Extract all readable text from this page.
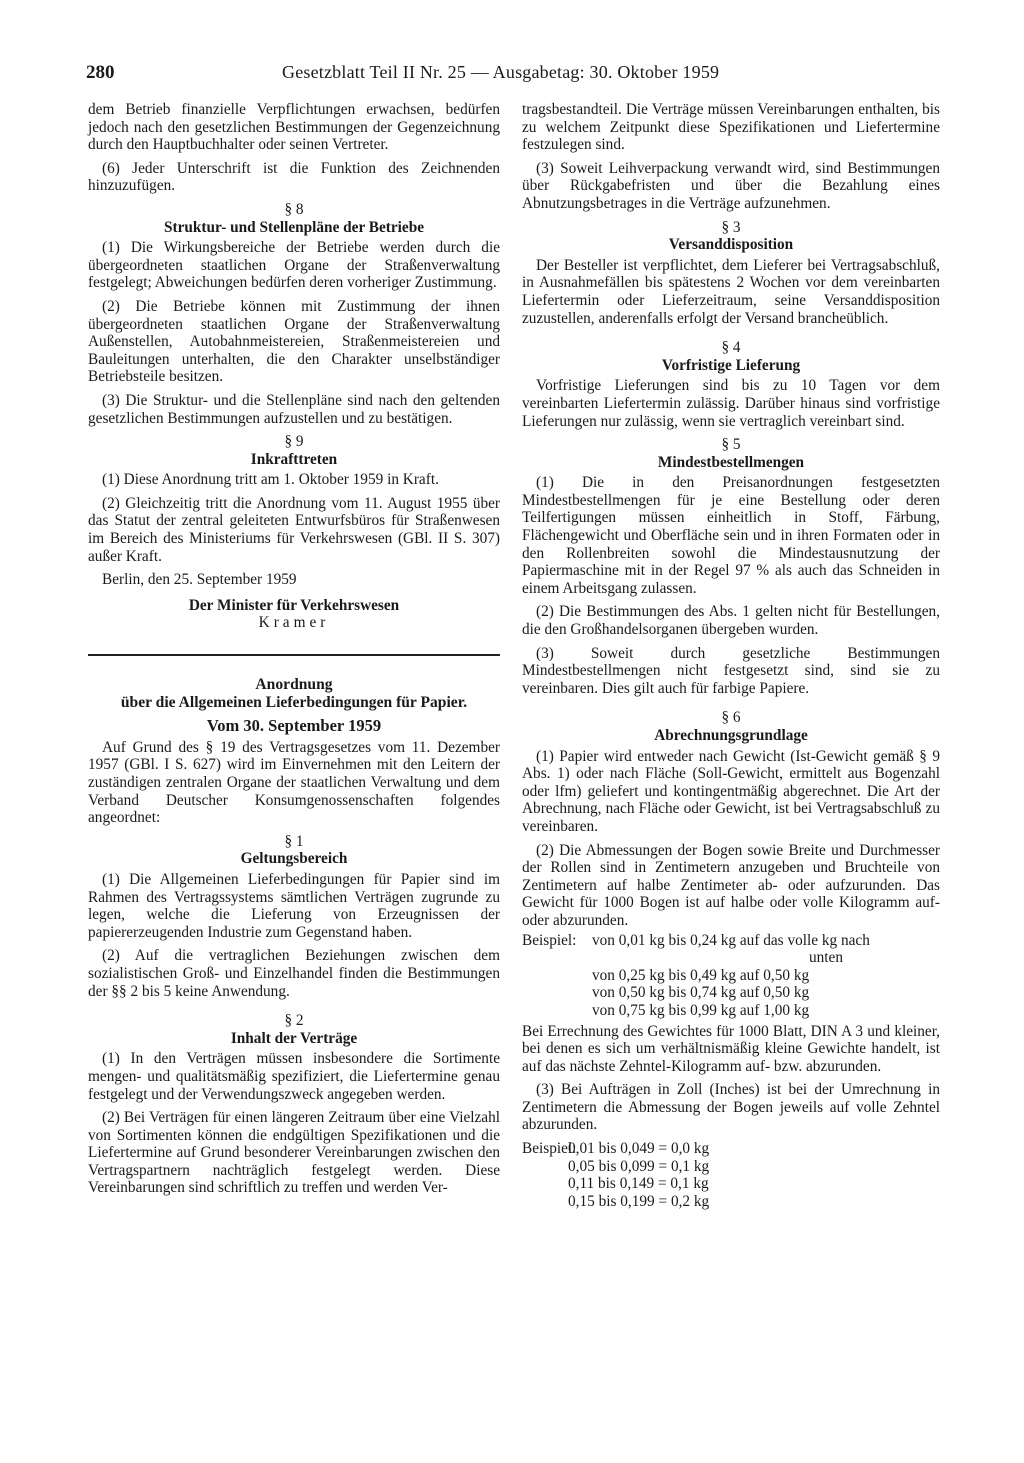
280	Gesetzblatt Teil II Nr. 25 — Ausgabetag: 30. Oktober 1959

dem Betrieb finanzielle Verpflichtungen erwachsen, bedürfen jedoch nach den gesetzlichen Bestimmungen der Gegenzeichnung durch den Hauptbuchhalter oder seinen Vertreter.

(6) Jeder Unterschrift ist die Funktion des Zeichnenden hinzuzufügen.

§ 8

Struktur- und Stellenpläne der Betriebe

(1) Die Wirkungsbereiche der Betriebe werden durch die übergeordneten staatlichen Organe der Straßenverwaltung festgelegt; Abweichungen bedürfen deren vorheriger Zustimmung.

(2) Die Betriebe können mit Zustimmung der ihnen übergeordneten staatlichen Organe der Straßenverwaltung Außenstellen, Autobahnmeistereien, Straßenmeistereien und Bauleitungen unterhalten, die den Charakter unselbständiger Betriebsteile besitzen.

(3) Die Struktur- und die Stellenpläne sind nach den geltenden gesetzlichen Bestimmungen aufzustellen und zu bestätigen.

§ 9

Inkrafttreten

(1) Diese Anordnung tritt am 1. Oktober 1959 in Kraft.

(2) Gleichzeitig tritt die Anordnung vom 11. August 1955 über das Statut der zentral geleiteten Entwurfsbüros für Straßenwesen im Bereich des Ministeriums für Verkehrswesen (GBl. II S. 307) außer Kraft.

Berlin, den 25. September 1959

Der Minister für Verkehrswesen

Kramer

Anordnung

über die Allgemeinen Lieferbedingungen für Papier.

Vom 30. September 1959

Auf Grund des § 19 des Vertragsgesetzes vom 11. Dezember 1957 (GBl. I S. 627) wird im Einvernehmen mit den Leitern der zuständigen zentralen Organe der staatlichen Verwaltung und dem Verband Deutscher Konsumgenossenschaften folgendes angeordnet:

§ 1

Geltungsbereich

(1) Die Allgemeinen Lieferbedingungen für Papier sind im Rahmen des Vertragssystems sämtlichen Verträgen zugrunde zu legen, welche die Lieferung von Erzeugnissen der papiererzeugenden Industrie zum Gegenstand haben.

(2) Auf die vertraglichen Beziehungen zwischen dem sozialistischen Groß- und Einzelhandel finden die Bestimmungen der §§ 2 bis 5 keine Anwendung.

§ 2

Inhalt der Verträge

(1) In den Verträgen müssen insbesondere die Sortimente mengen- und qualitätsmäßig spezifiziert, die Liefertermine genau festgelegt und der Verwendungszweck angegeben werden.

(2) Bei Verträgen für einen längeren Zeitraum über eine Vielzahl von Sortimenten können die endgültigen Spezifikationen und die Liefertermine auf Grund besonderer Vereinbarungen zwischen den Vertragspartnern nachträglich festgelegt werden. Diese Vereinbarungen sind schriftlich zu treffen und werden Ver-

tragsbestandteil. Die Verträge müssen Vereinbarungen enthalten, bis zu welchem Zeitpunkt diese Spezifikationen und Liefertermine festzulegen sind.

(3) Soweit Leihverpackung verwandt wird, sind Bestimmungen über Rückgabefristen und über die Bezahlung eines Abnutzungsbetrages in die Verträge aufzunehmen.

§ 3

Versanddisposition

Der Besteller ist verpflichtet, dem Lieferer bei Vertragsabschluß, in Ausnahmefällen bis spätestens 2 Wochen vor dem vereinbarten Liefertermin oder Lieferzeitraum, seine Versanddisposition zuzustellen, anderenfalls erfolgt der Versand brancheüblich.

§ 4

Vorfristige Lieferung

Vorfristige Lieferungen sind bis zu 10 Tagen vor dem vereinbarten Liefertermin zulässig. Darüber hinaus sind vorfristige Lieferungen nur zulässig, wenn sie vertraglich vereinbart sind.

§ 5

Mindestbestellmengen

(1) Die in den Preisanordnungen festgesetzten Mindestbestellmengen für je eine Bestellung oder deren Teilfertigungen müssen einheitlich in Stoff, Färbung, Flächengewicht und Oberfläche sein und in ihren Formaten oder in den Rollenbreiten sowohl die Mindestausnutzung der Papiermaschine mit in der Regel 97 % als auch das Schneiden in einem Arbeitsgang zulassen.

(2) Die Bestimmungen des Abs. 1 gelten nicht für Bestellungen, die den Großhandelsorganen übergeben wurden.

(3) Soweit durch gesetzliche Bestimmungen Mindestbestellmengen nicht festgesetzt sind, sind sie zu vereinbaren. Dies gilt auch für farbige Papiere.

§ 6

Abrechnungsgrundlage

(1) Papier wird entweder nach Gewicht (Ist-Gewicht gemäß § 9 Abs. 1) oder nach Fläche (Soll-Gewicht, ermittelt aus Bogenzahl oder lfm) geliefert und kontingentmäßig abgerechnet. Die Art der Abrechnung, nach Fläche oder Gewicht, ist bei Vertragsabschluß zu vereinbaren.

(2) Die Abmessungen der Bogen sowie Breite und Durchmesser der Rollen sind in Zentimetern anzugeben und Bruchteile von Zentimetern auf halbe Zentimeter ab- oder aufzurunden. Das Gewicht für 1000 Bogen ist auf halbe oder volle Kilogramm auf- oder abzurunden.

Beispiel:	von 0,01 kg bis 0,24 kg auf das volle kg nach
unten
von 0,25 kg bis 0,49 kg auf 0,50 kg
von 0,50 kg bis 0,74 kg auf 0,50 kg
von 0,75 kg bis 0,99 kg auf 1,00 kg

Bei Errechnung des Gewichtes für 1000 Blatt, DIN A 3 und kleiner, bei denen es sich um verhältnismäßig kleine Gewichte handelt, ist auf das nächste Zehntel-Kilogramm auf- bzw. abzurunden.

(3) Bei Aufträgen in Zoll (Inches) ist bei der Umrechnung in Zentimetern die Abmessung der Bogen jeweils auf volle Zehntel abzurunden.

Beispiel:
0,01 bis 0,049 = 0,0 kg
0,05 bis 0,099 = 0,1 kg
0,11 bis 0,149 = 0,1 kg
0,15 bis 0,199 = 0,2 kg
